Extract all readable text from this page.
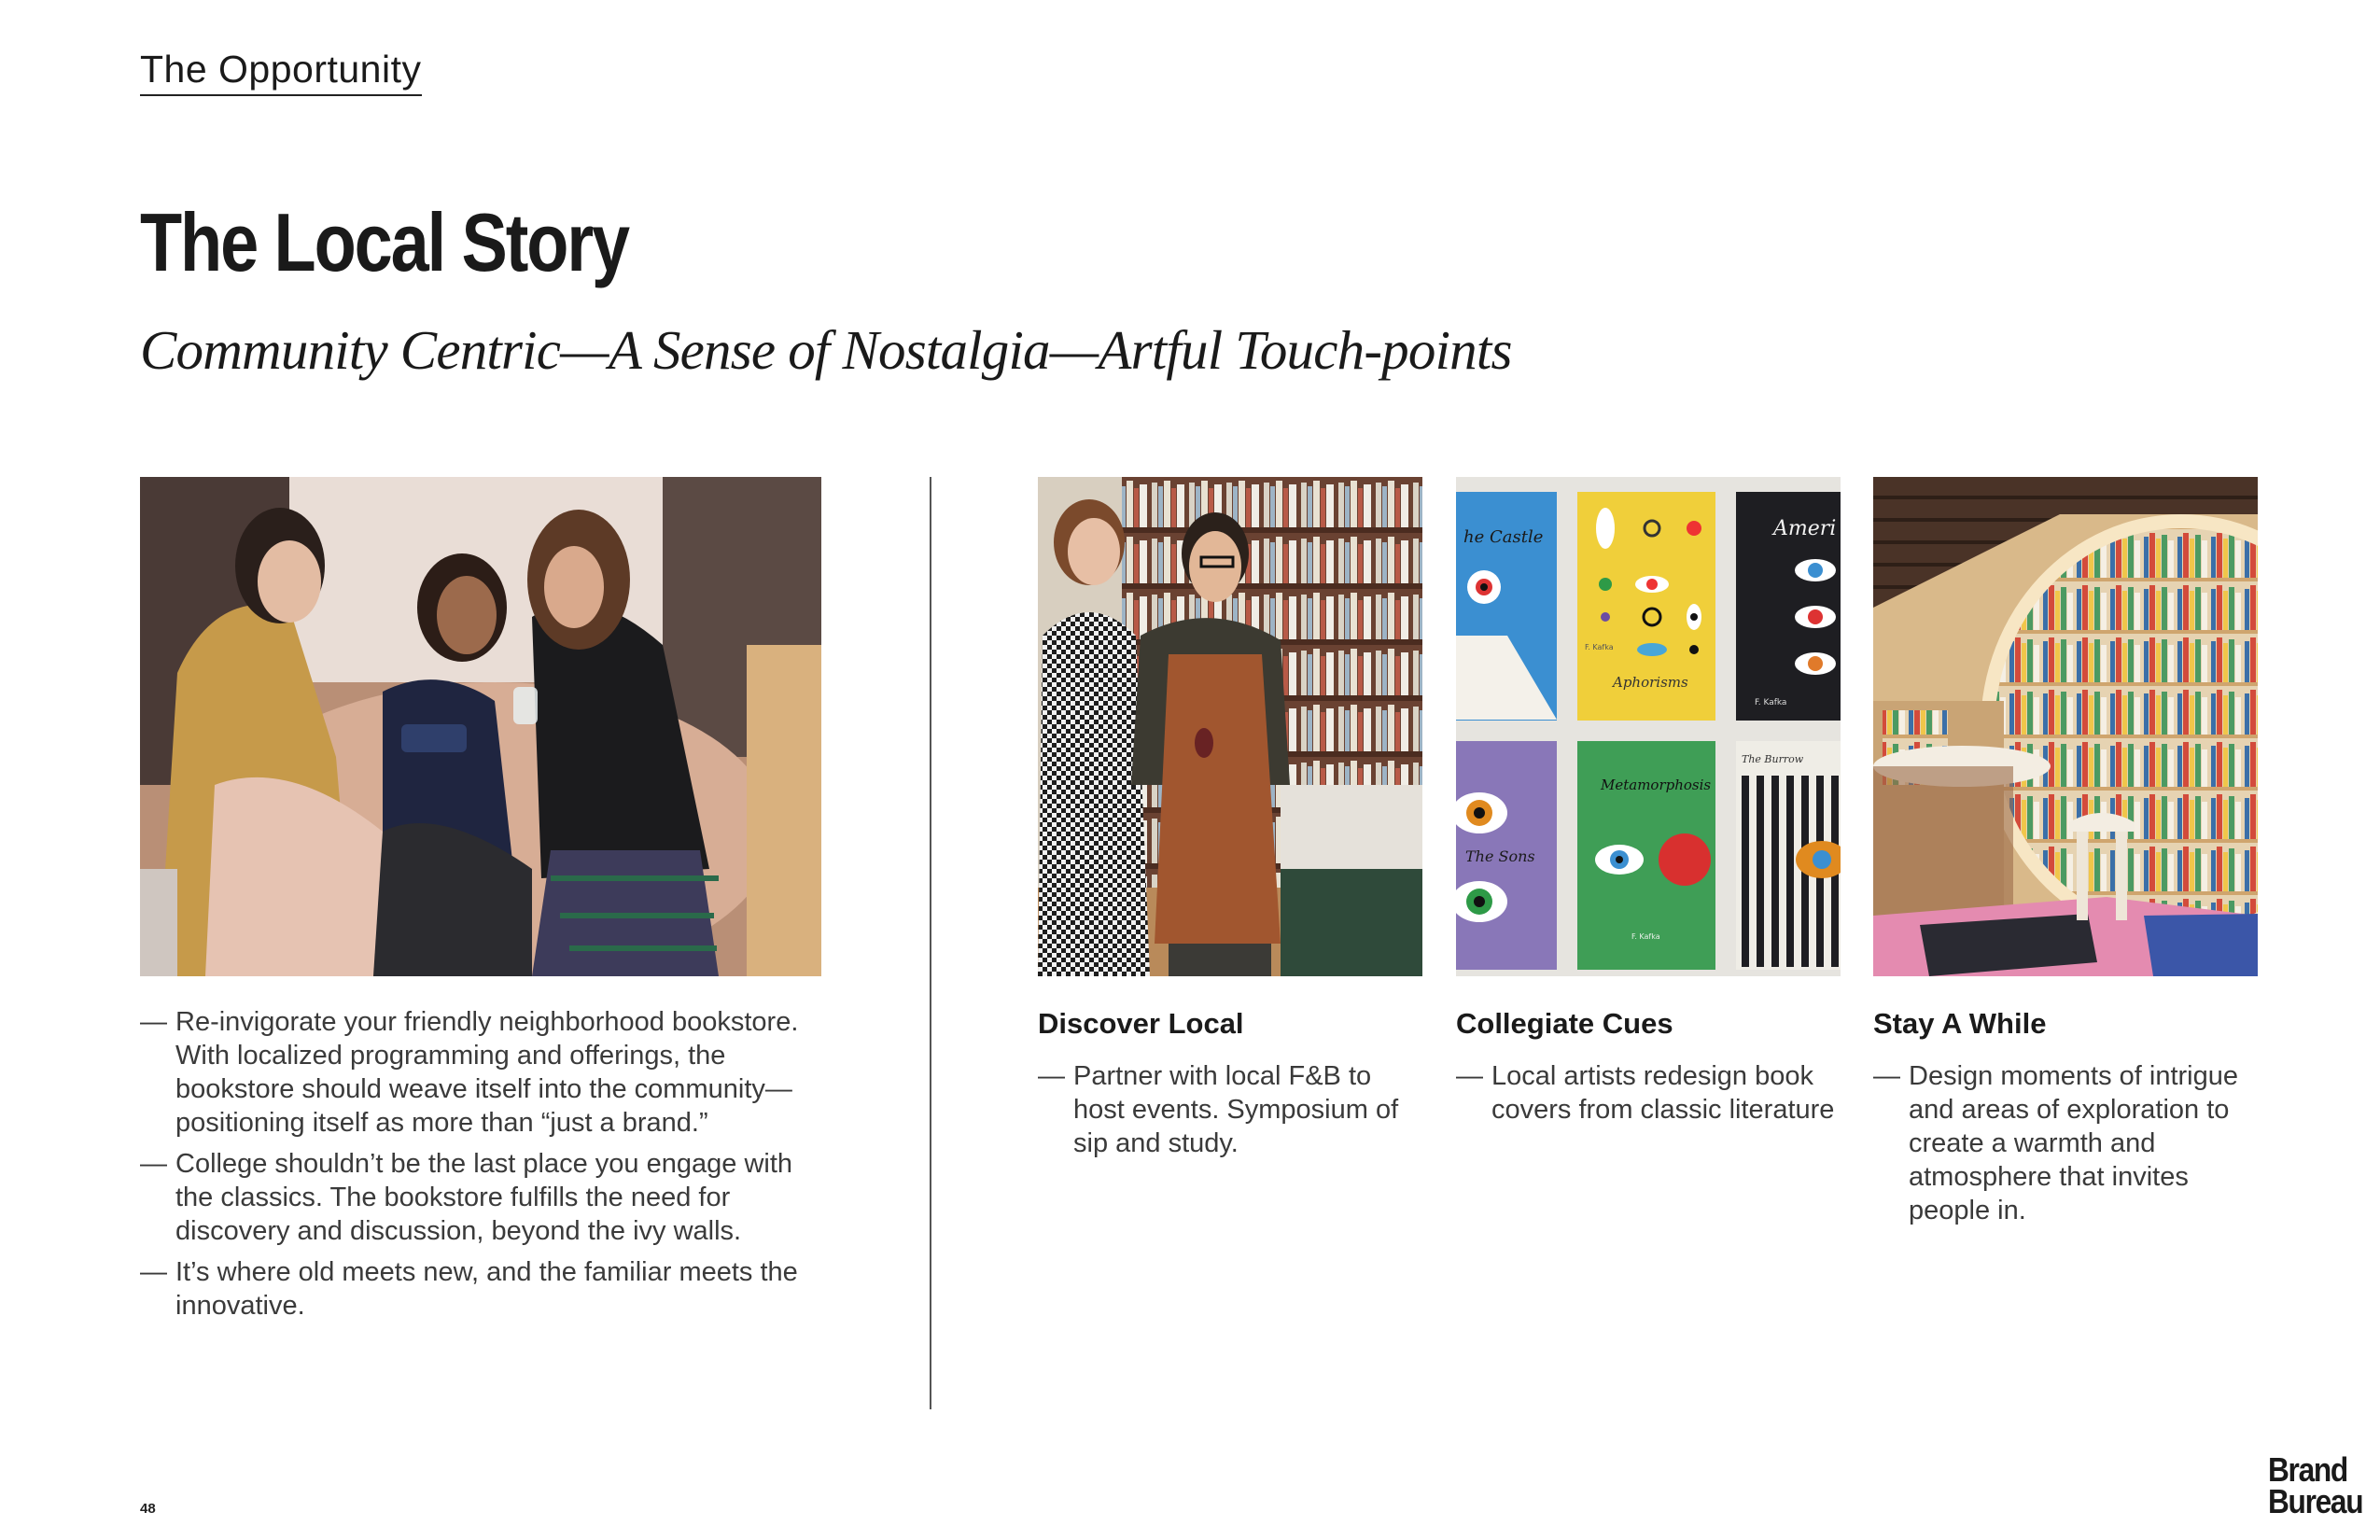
The Opportunity
The Local Story
Community Centric—A Sense of Nostalgia—Artful Touch-points
— Re-invigorate your friendly neighborhood bookstore. With localized programming and offerings, the bookstore should weave itself into the community—positioning itself as more than “just a brand.”
— College shouldn’t be the last place you engage with the classics. The bookstore fulfills the need for discovery and discussion, beyond the ivy walls.
— It’s where old meets new, and the familiar meets the innovative.
Discover Local
— Partner with local F&B to host events. Symposium of sip and study.
he Castle
Aphorisms
F. Kafka
Ameri
F. Kafka
The Sons
Metamorphosis
F. Kafka
The Burrow
Collegiate Cues
— Local artists redesign book covers from classic literature
Stay A While
— Design moments of intrigue and areas of exploration to create a warmth and atmosphere that invites people in.
48
Brand
Bureau
